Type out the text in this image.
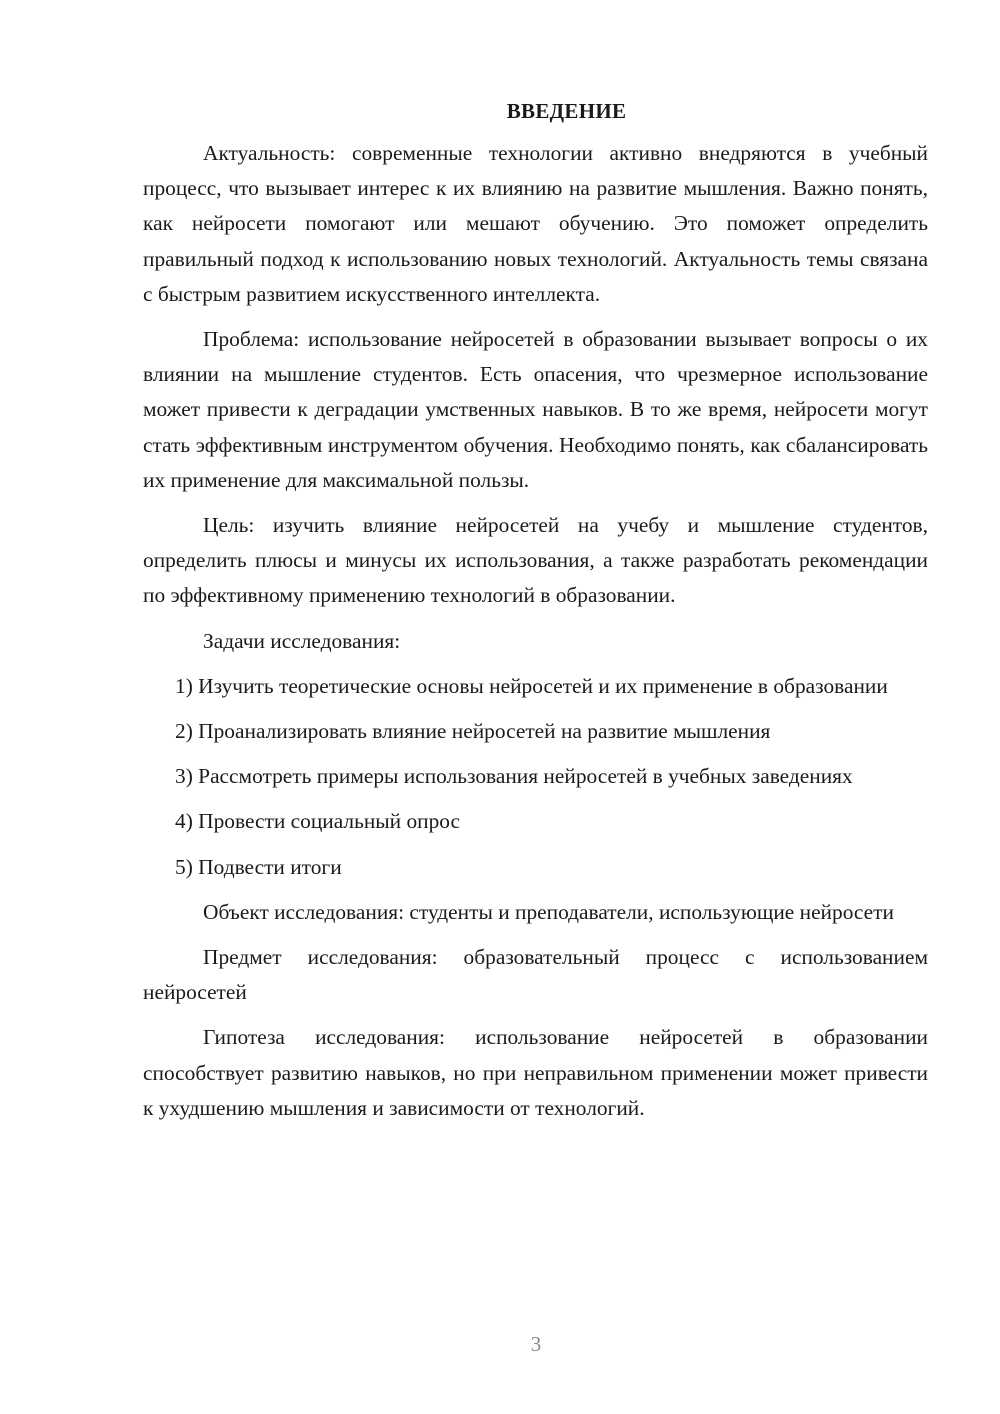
ВВЕДЕНИЕ

Актуальность: современные технологии активно внедряются в учебный процесс, что вызывает интерес к их влиянию на развитие мышления. Важно понять, как нейросети помогают или мешают обучению. Это поможет определить правильный подход к использованию новых технологий. Актуальность темы связана с быстрым развитием искусственного интеллекта.

Проблема: использование нейросетей в образовании вызывает вопросы о их влиянии на мышление студентов. Есть опасения, что чрезмерное использование может привести к деградации умственных навыков. В то же время, нейросети могут стать эффективным инструментом обучения. Необходимо понять, как сбалансировать их применение для максимальной пользы.

Цель: изучить влияние нейросетей на учебу и мышление студентов, определить плюсы и минусы их использования, а также разработать рекомендации по эффективному применению технологий в образовании.

Задачи исследования:

1) Изучить теоретические основы нейросетей и их применение в образовании

2) Проанализировать влияние нейросетей на развитие мышления

3) Рассмотреть примеры использования нейросетей в учебных заведениях

4) Провести социальный опрос

5) Подвести итоги

Объект исследования: студенты и преподаватели, использующие нейросети

Предмет исследования: образовательный процесс с использованием нейросетей

Гипотеза исследования: использование нейросетей в образовании способствует развитию навыков, но при неправильном применении может привести к ухудшению мышления и зависимости от технологий.

3
